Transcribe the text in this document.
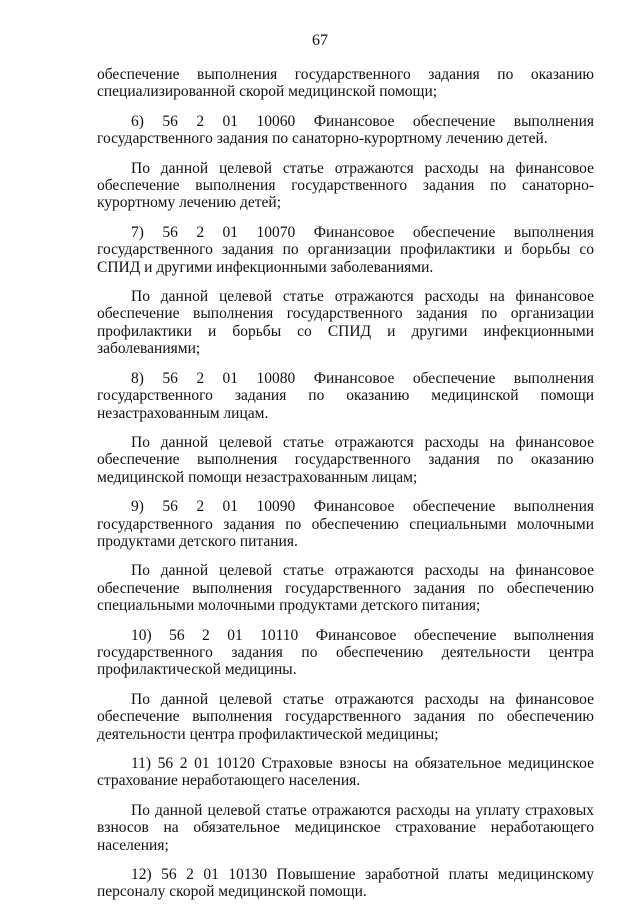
67

обеспечение выполнения государственного задания по оказанию специализированной скорой медицинской помощи;

6) 56 2 01 10060 Финансовое обеспечение выполнения государственного задания по санаторно-курортному лечению детей.

По данной целевой статье отражаются расходы на финансовое обеспечение выполнения государственного задания по санаторно-курортному лечению детей;

7) 56 2 01 10070 Финансовое обеспечение выполнения государственного задания по организации профилактики и борьбы со СПИД и другими инфекционными заболеваниями.

По данной целевой статье отражаются расходы на финансовое обеспечение выполнения государственного задания по организации профилактики и борьбы со СПИД и другими инфекционными заболеваниями;

8) 56 2 01 10080 Финансовое обеспечение выполнения государственного задания по оказанию медицинской помощи незастрахованным лицам.

По данной целевой статье отражаются расходы на финансовое обеспечение выполнения государственного задания по оказанию медицинской помощи незастрахованным лицам;

9) 56 2 01 10090 Финансовое обеспечение выполнения государственного задания по обеспечению специальными молочными продуктами детского питания.

По данной целевой статье отражаются расходы на финансовое обеспечение выполнения государственного задания по обеспечению специальными молочными продуктами детского питания;

10) 56 2 01 10110 Финансовое обеспечение выполнения государственного задания по обеспечению деятельности центра профилактической медицины.

По данной целевой статье отражаются расходы на финансовое обеспечение выполнения государственного задания по обеспечению деятельности центра профилактической медицины;

11) 56 2 01 10120 Страховые взносы на обязательное медицинское страхование неработающего населения.

По данной целевой статье отражаются расходы на уплату страховых взносов на обязательное медицинское страхование неработающего населения;

12) 56 2 01 10130 Повышение заработной платы медицинскому персоналу скорой медицинской помощи.
